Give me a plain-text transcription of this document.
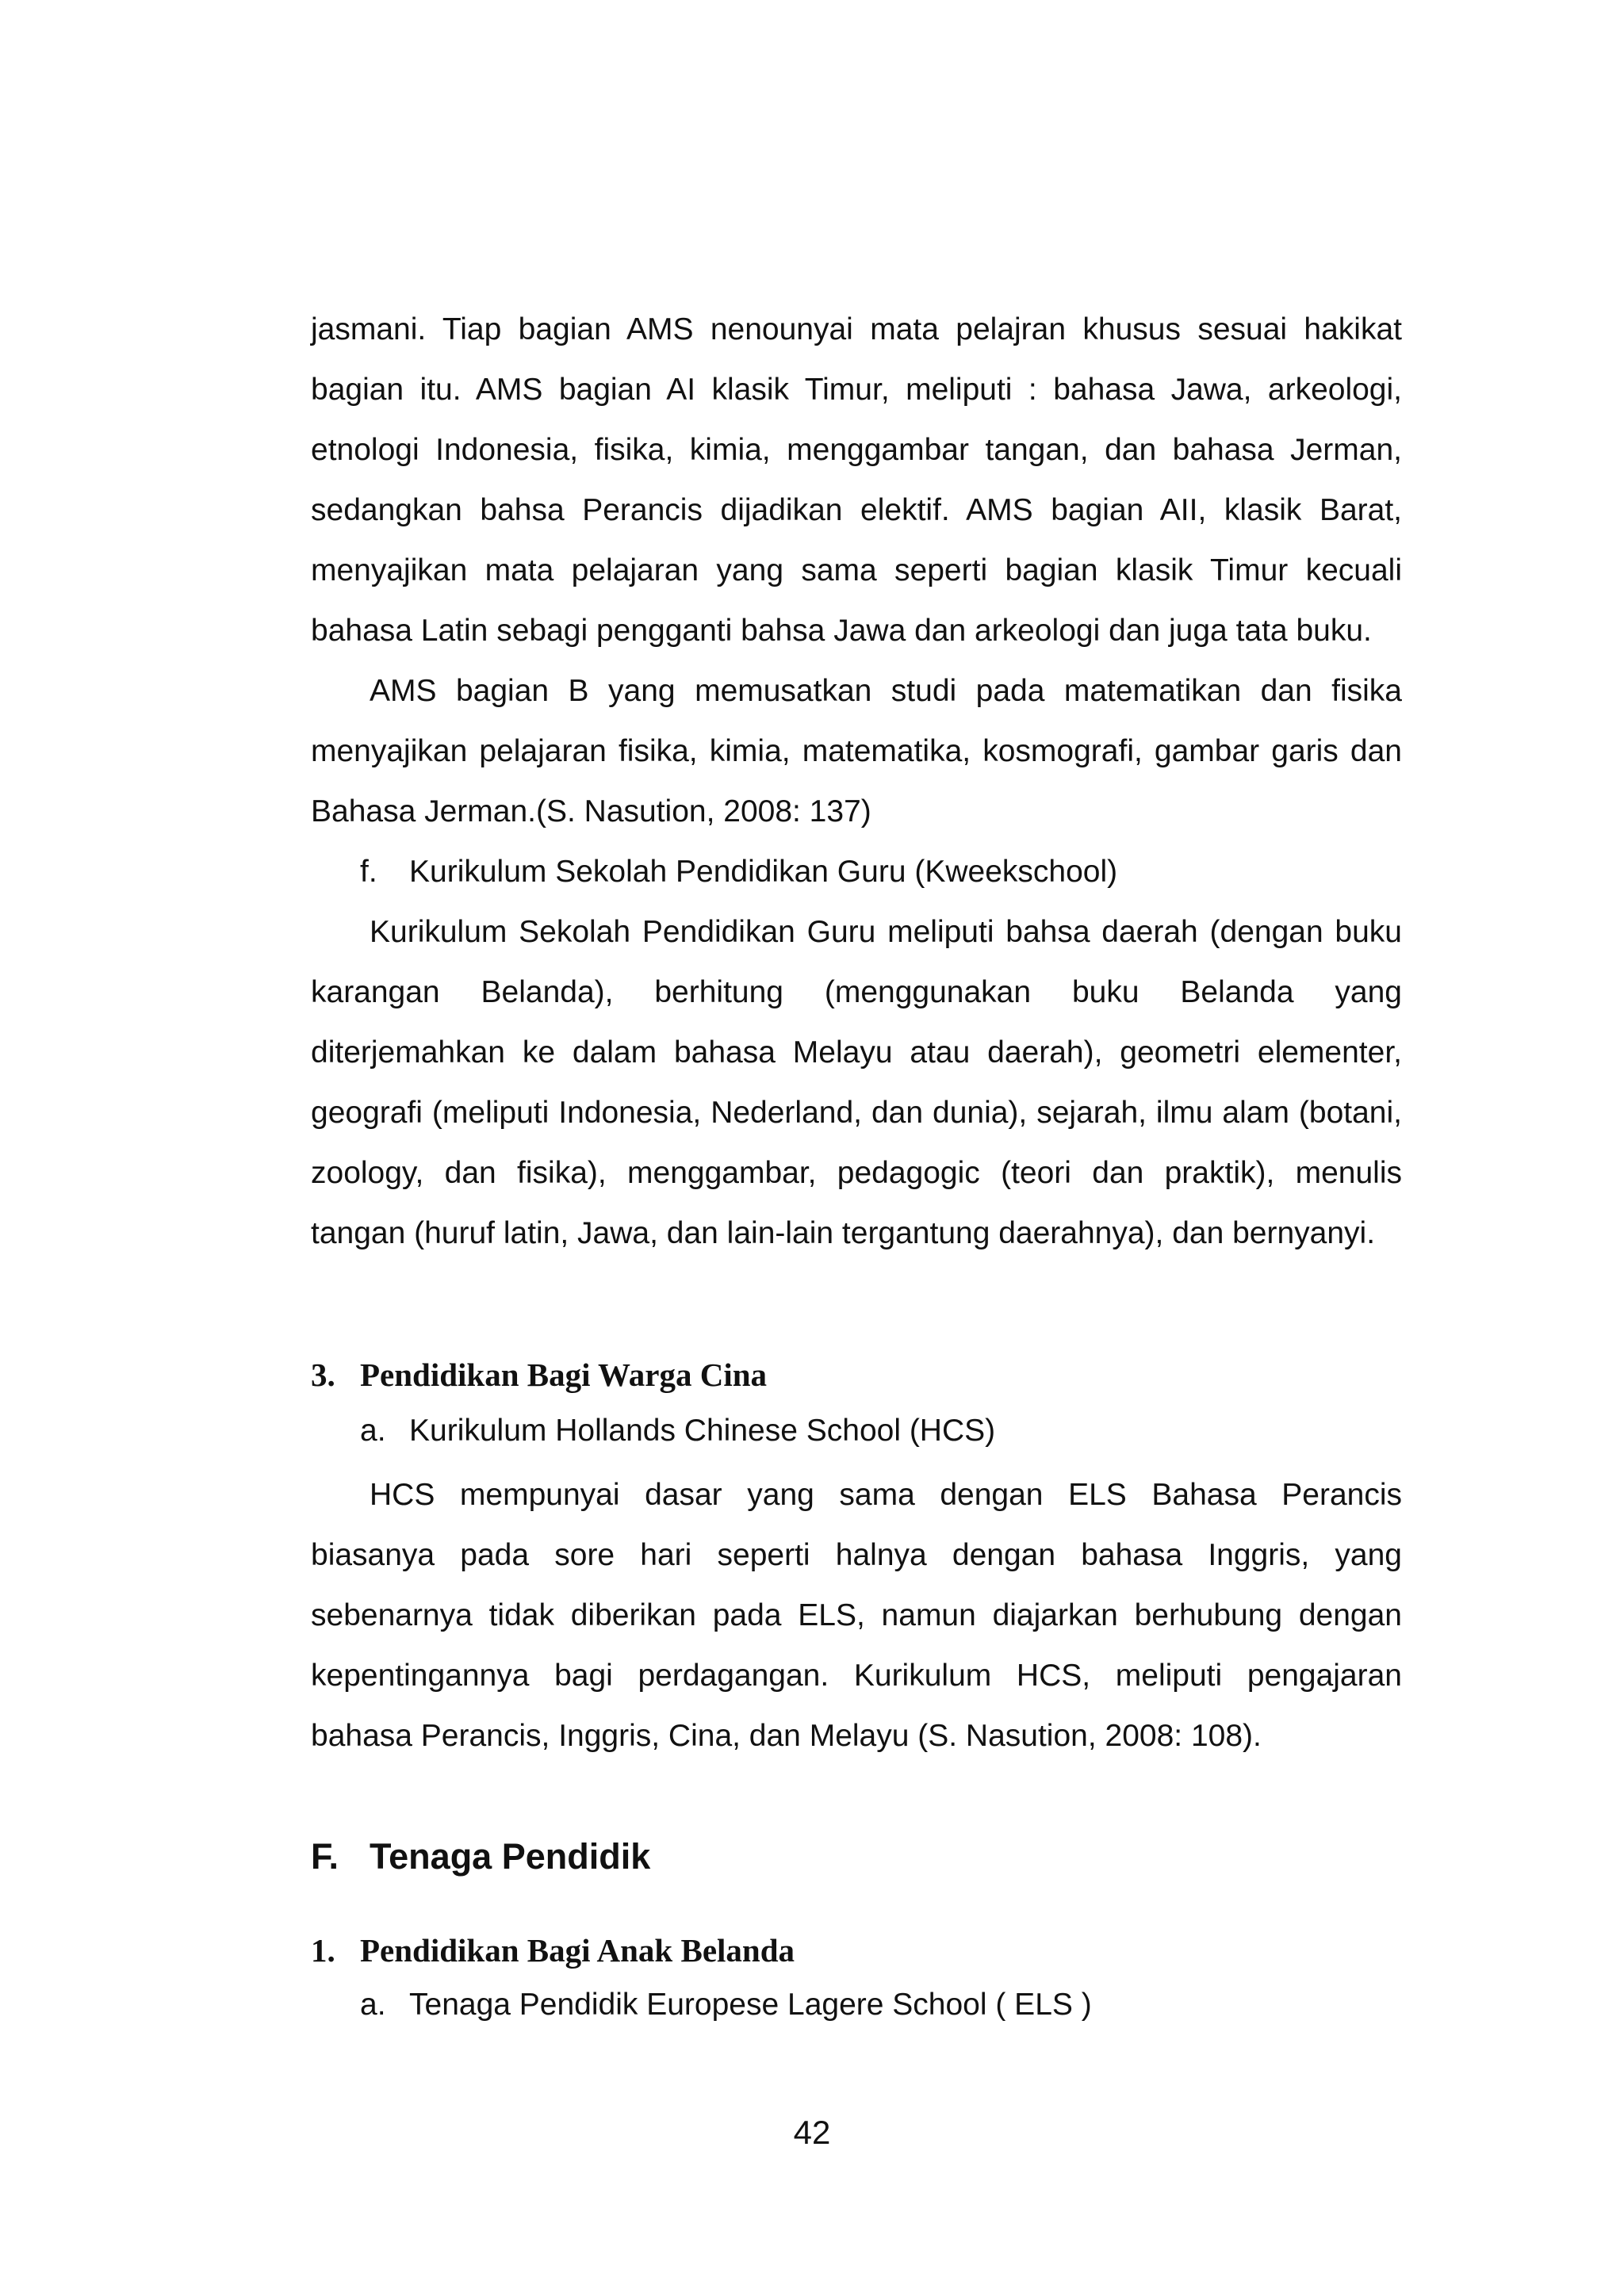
jasmani. Tiap bagian AMS nenounyai mata pelajran khusus sesuai hakikat bagian itu. AMS bagian AI klasik Timur, meliputi : bahasa Jawa, arkeologi, etnologi Indonesia, fisika, kimia, menggambar tangan, dan bahasa Jerman, sedangkan bahsa Perancis dijadikan elektif. AMS bagian AII, klasik Barat, menyajikan mata pelajaran yang sama seperti bagian klasik Timur kecuali bahasa Latin sebagi pengganti bahsa Jawa dan arkeologi dan juga tata buku.

AMS bagian B yang memusatkan studi pada matematikan dan fisika menyajikan pelajaran fisika, kimia, matematika, kosmografi, gambar garis dan Bahasa Jerman.(S. Nasution, 2008: 137)

f. Kurikulum Sekolah Pendidikan Guru (Kweekschool)

Kurikulum Sekolah Pendidikan Guru meliputi bahsa daerah (dengan buku karangan Belanda), berhitung (menggunakan buku Belanda yang diterjemahkan ke dalam bahasa Melayu atau daerah), geometri elementer, geografi (meliputi Indonesia, Nederland, dan dunia), sejarah, ilmu alam (botani, zoology, dan fisika), menggambar, pedagogic (teori dan praktik), menulis tangan (huruf latin, Jawa, dan lain-lain tergantung daerahnya), dan bernyanyi.

3. Pendidikan Bagi Warga Cina
a. Kurikulum Hollands Chinese School (HCS)

HCS mempunyai dasar yang sama dengan ELS Bahasa Perancis biasanya pada sore hari seperti halnya dengan bahasa Inggris, yang sebenarnya tidak diberikan pada ELS, namun diajarkan berhubung dengan kepentingannya bagi perdagangan. Kurikulum HCS, meliputi pengajaran bahasa Perancis, Inggris, Cina, dan Melayu (S. Nasution, 2008: 108).

F. Tenaga Pendidik
1. Pendidikan Bagi Anak Belanda
a. Tenaga Pendidik Europese Lagere School ( ELS )
42
